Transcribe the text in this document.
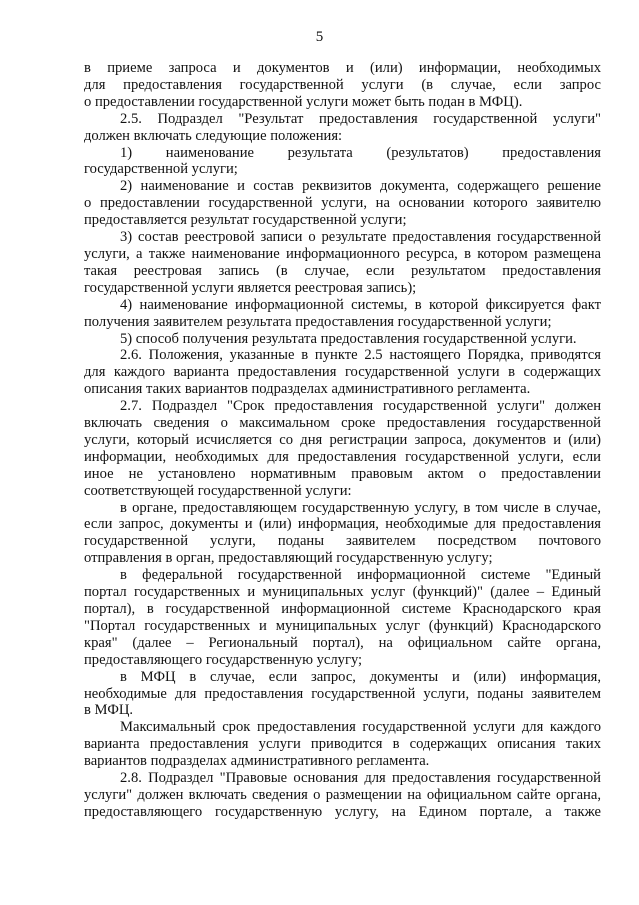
5

в приеме запроса и документов и (или) информации, необходимых

для предоставления государственной услуги (в случае, если запрос

о предоставлении государственной услуги может быть подан в МФЦ).

2.5. Подраздел "Результат предоставления государственной услуги"

должен включать следующие положения:

1) наименование результата (результатов) предоставления

государственной услуги;

2) наименование и состав реквизитов документа, содержащего решение

о предоставлении государственной услуги, на основании которого заявителю

предоставляется результат государственной услуги;

3) состав реестровой записи о результате предоставления государственной

услуги, а также наименование информационного ресурса, в котором размещена

такая реестровая запись (в случае, если результатом предоставления

государственной услуги является реестровая запись);

4) наименование информационной системы, в которой фиксируется факт

получения заявителем результата предоставления государственной услуги;

5) способ получения результата предоставления государственной услуги.

2.6. Положения, указанные в пункте 2.5 настоящего Порядка, приводятся

для каждого варианта предоставления государственной услуги в содержащих

описания таких вариантов подразделах административного регламента.

2.7. Подраздел "Срок предоставления государственной услуги" должен

включать сведения о максимальном сроке предоставления государственной

услуги, который исчисляется со дня регистрации запроса, документов и (или)

информации, необходимых для предоставления государственной услуги, если

иное не установлено нормативным правовым актом о предоставлении

соответствующей государственной услуги:

в органе, предоставляющем государственную услугу, в том числе в случае,

если запрос, документы и (или) информация, необходимые для предоставления

государственной услуги, поданы заявителем посредством почтового

отправления в орган, предоставляющий государственную услугу;

в федеральной государственной информационной системе "Единый

портал государственных и муниципальных услуг (функций)" (далее – Единый

портал), в государственной информационной системе Краснодарского края

"Портал государственных и муниципальных услуг (функций) Краснодарского

края" (далее – Региональный портал), на официальном сайте органа,

предоставляющего государственную услугу;

в МФЦ в случае, если запрос, документы и (или) информация,

необходимые для предоставления государственной услуги, поданы заявителем

в МФЦ.

Максимальный срок предоставления государственной услуги для каждого

варианта предоставления услуги приводится в содержащих описания таких

вариантов подразделах административного регламента.

2.8. Подраздел "Правовые основания для предоставления государственной

услуги" должен включать сведения о размещении на официальном сайте органа,

предоставляющего государственную услугу, на Едином портале, а также
